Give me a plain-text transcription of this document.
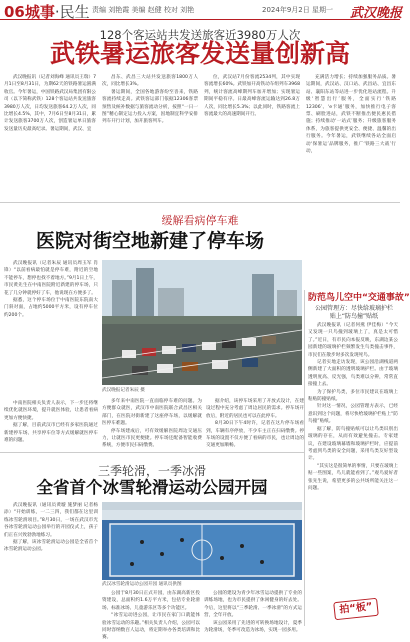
06城事·民生 责编 刘艳霞 美编 赵健 校对 刘艳	2024年9月2日 星期一 武汉晚报
128个客运站共发送旅客近3980万人次
武铁暑运旅客发送量创新高

武汉晚报讯（记者刘海峰 通讯员王瑞）7月1日至8月31日，为期62天的铁路暑运圆满收官。今年暑运，中国铁路武汉局集团有限公司（以下简称武铁）128个客运站共发送旅客3980万人次，日均发送旅客64.2万人次，同比增长4.5%，其中，7月6日至8月31日，累计发送旅客3700万人次，创造暑运单日旅客发送量历史最高纪录。暑运期间，武汉、宜

昌东、武昌三大站共发送旅客1800万人次，同比增长3%。

暑运期间，全国各地游客纷至沓来，铁路客流持续走高。武铁客运部门依据12306客票预售及候补数据与旅客流动分析，按照“一日一图”精心制定运力投入方案，因地制宜科学安排列车开行计划，加开旅客列车。

位，武汉站7月份客流2534列，其中实现客流增长60%。武铁加开高铁动车组列车3968列，统计客流高峰期列车加开增加；实现暑运期间平稳有序。日最高峰客流运输达到26.8万人次，同比增长5.3%；以此同时，铁路客流上客流最大的高速期间开行。

充满活力增长；持续加强服务品质。暑运期间，武汉站、汉口站、武昌站、宜昌东站、襄阳东站等站进一步优化进站流程。升级‘智慧出行’服务，全面实行‘铁路12306’、‘e卡通’服务，加快推行电子客票、刷脸进站，武铁不断推出便民惠民措施；持续推动‘一站式’服务；升级旅客服务体系，为旅客提供更安全、便捷、温馨的出行服务。今年暑运，武铁继续各站全面启动‘保暑运’品牌服务，推广‘铁路三大战’行动，

缓解看病停车难
医院对街空地新建了停车场

武汉晚报讯（记者朱辰 通讯员周玉军 肖锋）“以前看病最怕就是停车难，附近的空地不能停车，想停也找不着地方。”9月1日上午，市民黄先生在中南医院附近新建的停车场，只花了几分钟就停好了车，他说现在方便多了。

据悉，这个停车场位于中南医院东院南大门斜对面，占地约5000平方米，设有停车位约200个。

武汉晚报记者朱辰 摄

多年来中南医院一直面临停车难的问题。为方便群众就医，武汉市中南医院联合武昌区相关部门，在医院对街新建了这座停车场，以缓解就医停车难题。

停车场建成后，可有效缓解医院周边交通压力，让就医市民更便捷。停车场还配备智能收费系统，方便市民扫码缴费。

据介绍，该停车场采用了开放式设计，在建设过程中充分考虑了周边居民的需求。停车场开放后，附近的居民也可以在此停车。

8月30日下午4时许，记者在这片停车场看到，车辆有序停放，不少车主正在扫码缴费。停车场的设置不仅方便了看病的市民，也让周边的交通更加顺畅。

中南医院相关负责人表示，下一步还将继续优化就医环境，提升就医体验，让患者看病更加方便快捷。

据了解，目前武汉市已经有多家医院通过新建停车场、共享停车位等方式缓解就医停车难的问题。

三季轮滑，一季冰滑
全省首个冰雪轮滑运动公园开园

武汉晚报讯（通讯员黄璇 施梦丽 记者杨添）“开始训练，一二三四，我们都在这里训练冰雪轮滑项目。”8月30日，一场在武汉市光谷冰雪轮滑运动公园举行的开园仪式上，孩子们正在兴致勃勃地练习。

据了解，该冰雪轮滑运动公园是全省首个冰雪轮滑运动公园。

武汉冰雪轮滑运动公园开园 通讯员供图

公园于8月30日正式开园，由东湖高新区投资建设，总面积约1.6万平方米，包括专业轮滑场、标准冰场、儿童游乐区等多个功能区。

“冰雪运动进公园，让市民在家门口就能体验冰雪运动的乐趣。”相关负责人介绍，公园可以同时容纳数百人运动，将定期举办各类培训和比赛。

公园的建设为青少年冰雪运动提供了专业的训练场地，也为市民提供了休闲健身的好去处。今后，这里将以“三季轮滑、一季冰滑”的方式运营，全年开放。

该公园采用了先进的可转换场地设计，夏季为轮滑场，冬季可改造为冰场，实现一园多用。

防范鸟儿空中“交通事故”
公园管理方：尽快给玻璃护栏
贴上“防鸟撞”贴纸

武汉晚报讯（记者何燕 伊佳梅）“今天又发现一只鸟撞到玻璃上了，真是太可惜了。”近日，有市民向本报反映，东湖边某公园新建的玻璃护栏频繁发生鸟类撞击事件，市民们在散步时多次发现死鸟。

记者实地走访发现，该公园沿湖栈道两侧新建了大面积的透明玻璃护栏。由于玻璃透明度高、反光强，鸟类难以分辨，常常直接撞上去。

为了保护鸟类，多位市民建议在玻璃上粘贴防撞贴纸。

针对这一情况，公园管理方表示，已经意识到这个问题，将尽快给玻璃护栏贴上“防鸟撞”贴纸。

据了解，防鸟撞贴纸可以让鸟类识别出玻璃的存在，从而有效避免撞击。专家建议，在建设玻璃幕墙和玻璃护栏时，应提前考虑到鸟类的安全问题，采用鸟类友好型设计。

“其实这是很简单的事情，只要在玻璃上贴一些图案，鸟儿就能看到了。”观鸟爱好者张先生说，希望更多的公共场所能关注这一问题。

拍“板”
